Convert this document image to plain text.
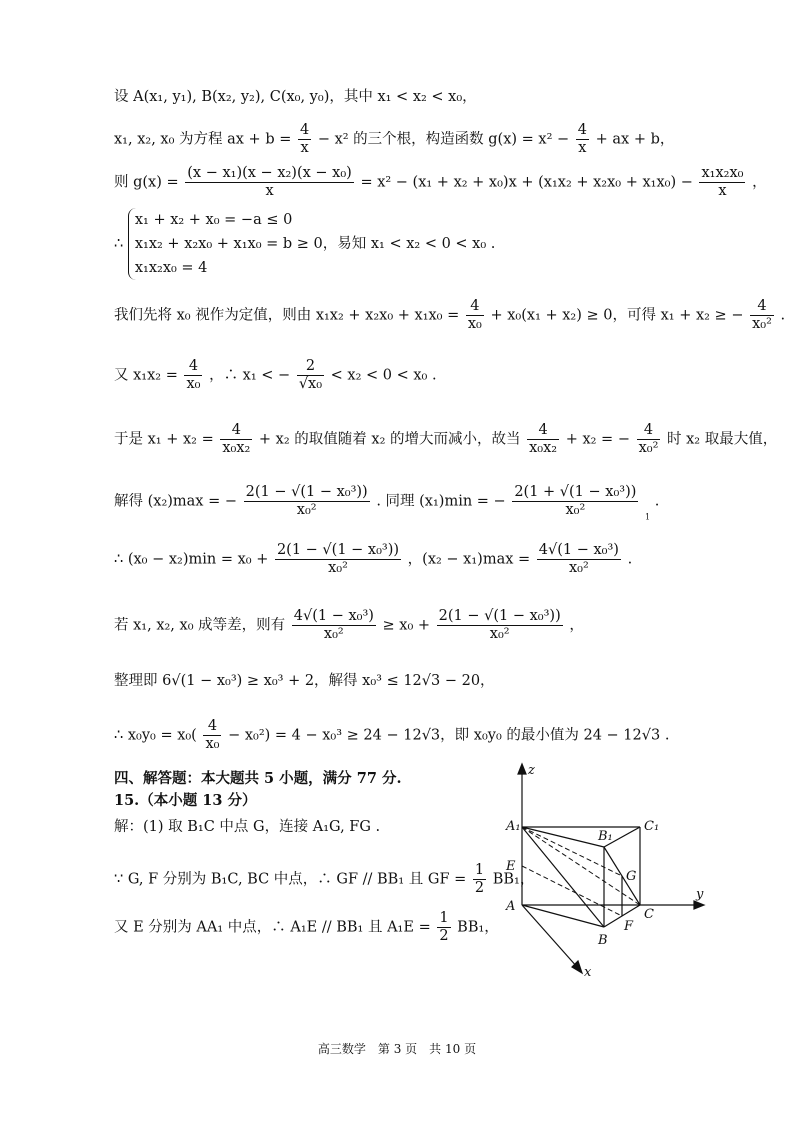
设 A(x₁, y₁), B(x₂, y₂), C(x₀, y₀)，其中 x₁ < x₂ < x₀，
x₁, x₂, x₀ 为方程 ax + $b = \frac{4}{x} - x^2$ 的三个根，构造函数 $g(x) = x^2 - \frac{4}{x}$ + ax + b，
则 $g(x) = \frac{\text{(x − x₁)(x − x₂)(x − x₀)}}{x} = x^2 - (x_1 + x_2 + x_0)x + (x_1x_2 + x_2x_0 + x_1x_0) - \frac{\text{x₁x₂x₀}}{x}$ ，
∴
x₁ + x₂ + x₀ = −a ≤ 0
x₁x₂ + x₂x₀ + x₁x₀ = b ≥ 0，易知 x₁ < x₂ < 0 < x₀ .
x₁x₂x₀ = 4
我们先将 x₀ 视作为定值，则由 $x_1x_2 + x_2x_0 + x_1x_0 = \frac{4}{\text{x₀}} + x_0(x_1 + x_2) \ge 0$，可得 x₁ + x₂ ≥ − $\frac{4}{\text{x₀²}}$ .
又 $x_1x_2 = \frac{4}{\text{x₀}}$ ，∴ x₁ < − $\frac{2}{\text{√x₀}} < x_2 < 0 < x_0$ .
于是 $x_1 + x_2 = \frac{4}{\text{x₀x₂}} + x_2$ 的取值随着 x₂ 的增大而减小，故当 $\frac{4}{\text{x₀x₂}} + x_2$ = − $\frac{4}{\text{x₀²}}$ 时 x₂ 取最大值，
解得 (x₂)max = − $\frac{\text{2(1 − √(1 − x₀³))}}{\text{x₀²}}$ . 同理 (x₁)min = − $\frac{\text{2(1 + √(1 − x₀³))}}{\text{x₀²}} _1$ .
∴ $(x_0 - x_2)\min = x_0 + \frac{\text{2(1 − √(1 − x₀³))}}{\text{x₀²}}$ ，$(x_2 - x_1)\max = \frac{\text{4√(1 − x₀³)}}{\text{x₀²}}$ .
若 x₁, x₂, x₀ 成等差，则有 $\frac{\text{4√(1 − x₀³)}}{\text{x₀²}} \ge x_0 + \frac{\text{2(1 − √(1 − x₀³))}}{\text{x₀²}}$ ，
整理即 6√(1 − x₀³) ≥ x₀³ + 2，解得 x₀³ ≤ 12√3 − 20，
∴ $x_0y_0 = x_0( \frac{4}{\text{x₀}} - x_0^2) = 4 - x_0^3 \ge 24 - 12√3$，即 x₀y₀ 的最小值为 24 − 12√3 .
四、解答题：本大题共 5 小题，满分 77 分.
15.（本小题 13 分）
解：(1) 取 B₁C 中点 G，连接 A₁G, FG .
∵ G, F 分别为 B₁C, BC 中点，∴ GF // BB₁ 且 GF = $\frac{1}{2} BB_1$，
又 E 分别为 AA₁ 中点，∴ A₁E // BB₁ 且 $A_1E = \frac{1}{2} BB_1$，
z
A₁
B₁
C₁
E
G
y
A
C
F
B
x
高三数学　第 3 页　共 10 页
